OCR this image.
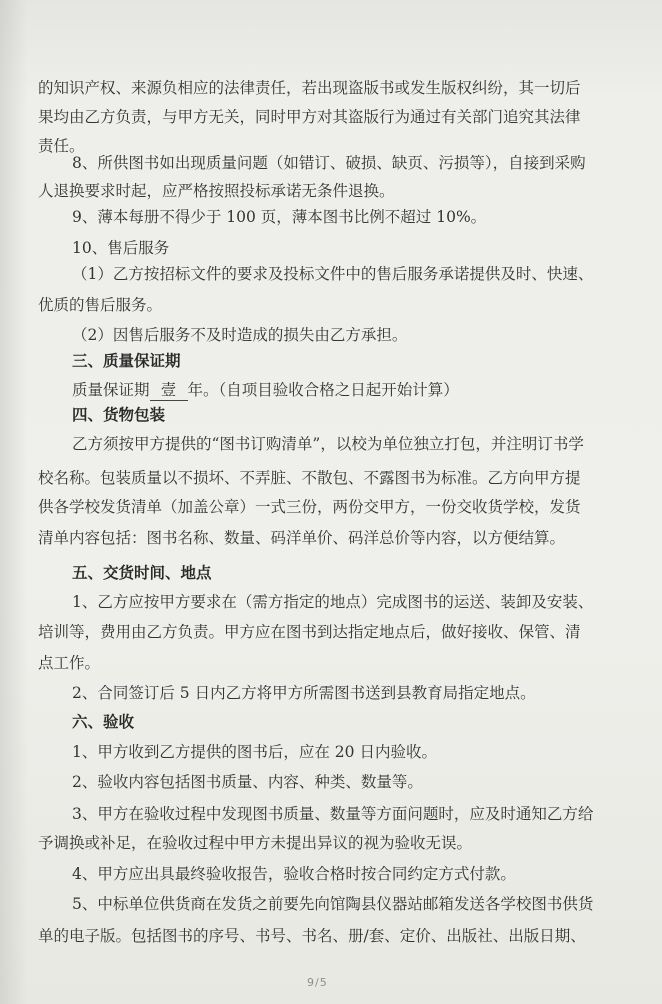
的知识产权、来源负相应的法律责任，若出现盗版书或发生版权纠纷，其一切后

果均由乙方负责，与甲方无关，同时甲方对其盗版行为通过有关部门追究其法律

责任。

8、所供图书如出现质量问题（如错订、破损、缺页、污损等），自接到采购

人退换要求时起，应严格按照投标承诺无条件退换。

9、薄本每册不得少于 100 页，薄本图书比例不超过 10%。

10、售后服务

（1）乙方按招标文件的要求及投标文件中的售后服务承诺提供及时、快速、

优质的售后服务。

（2）因售后服务不及时造成的损失由乙方承担。

三、质量保证期

质量保证期 壹 年。（自项目验收合格之日起开始计算）

四、货物包装

乙方须按甲方提供的“图书订购清单”，以校为单位独立打包，并注明订书学

校名称。包装质量以不损坏、不弄脏、不散包、不露图书为标准。乙方向甲方提

供各学校发货清单（加盖公章）一式三份，两份交甲方，一份交收货学校，发货

清单内容包括：图书名称、数量、码洋单价、码洋总价等内容，以方便结算。

五、交货时间、地点

1、乙方应按甲方要求在（需方指定的地点）完成图书的运送、装卸及安装、

培训等，费用由乙方负责。甲方应在图书到达指定地点后，做好接收、保管、清

点工作。

2、合同签订后 5 日内乙方将甲方所需图书送到县教育局指定地点。

六、验收

1、甲方收到乙方提供的图书后，应在 20 日内验收。

2、验收内容包括图书质量、内容、种类、数量等。

3、甲方在验收过程中发现图书质量、数量等方面问题时，应及时通知乙方给

予调换或补足，在验收过程中甲方未提出异议的视为验收无误。

4、甲方应出具最终验收报告，验收合格时按合同约定方式付款。

5、中标单位供货商在发货之前要先向馆陶县仪器站邮箱发送各学校图书供货

单的电子版。包括图书的序号、书号、书名、册/套、定价、出版社、出版日期、

9/5
